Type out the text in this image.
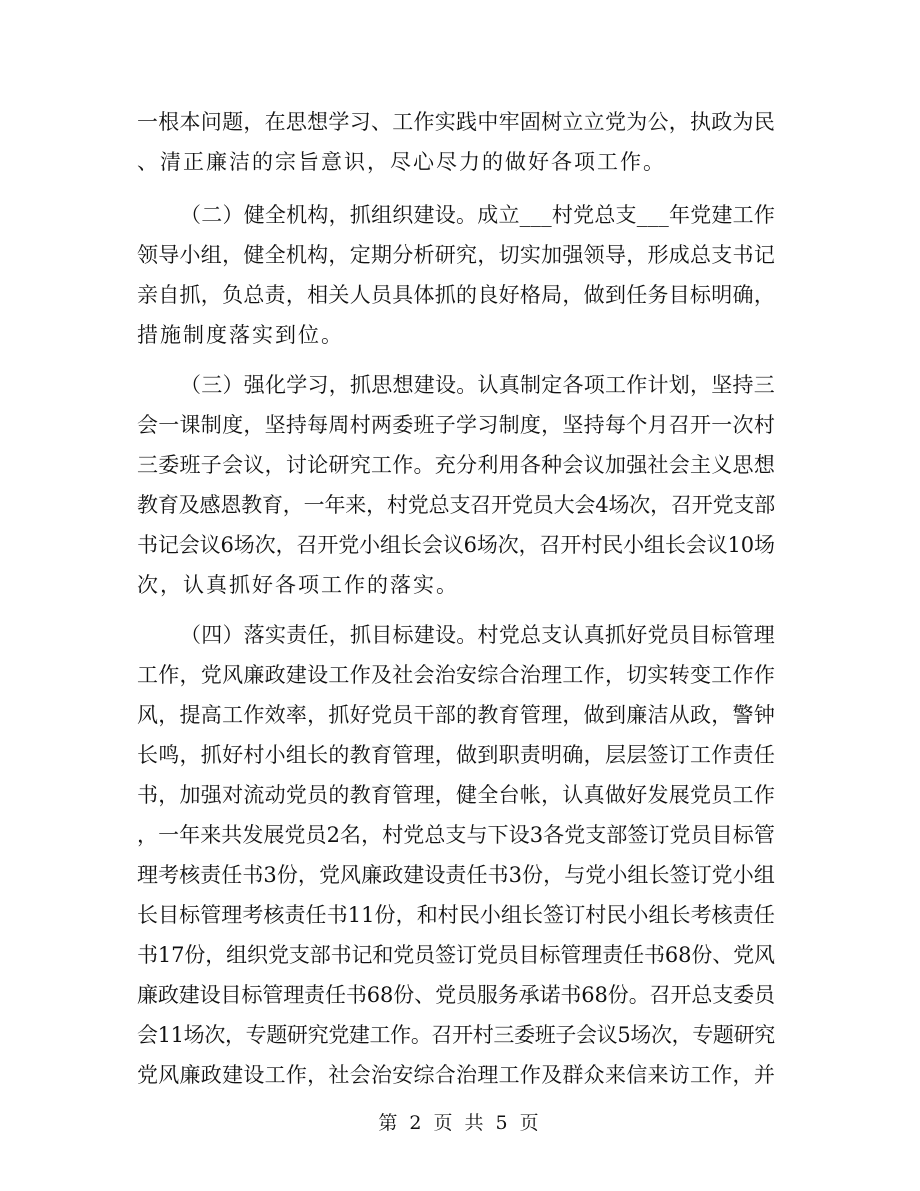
一根本问题，在思想学习、工作实践中牢固树立立党为公，执政为民

、清正廉洁的宗旨意识，尽心尽力的做好各项工作。

（二）健全机构，抓组织建设。成立___村党总支___年党建工作

领导小组，健全机构，定期分析研究，切实加强领导，形成总支书记

亲自抓，负总责，相关人员具体抓的良好格局，做到任务目标明确，

措施制度落实到位。

（三）强化学习，抓思想建设。认真制定各项工作计划，坚持三

会一课制度，坚持每周村两委班子学习制度，坚持每个月召开一次村

三委班子会议，讨论研究工作。充分利用各种会议加强社会主义思想

教育及感恩教育，一年来，村党总支召开党员大会4场次，召开党支部

书记会议6场次，召开党小组长会议6场次，召开村民小组长会议10场

次，认真抓好各项工作的落实。

（四）落实责任，抓目标建设。村党总支认真抓好党员目标管理

工作，党风廉政建设工作及社会治安综合治理工作，切实转变工作作

风，提高工作效率，抓好党员干部的教育管理，做到廉洁从政，警钟

长鸣，抓好村小组长的教育管理，做到职责明确，层层签订工作责任

书，加强对流动党员的教育管理，健全台帐，认真做好发展党员工作

，一年来共发展党员2名，村党总支与下设3各党支部签订党员目标管

理考核责任书3份，党风廉政建设责任书3份，与党小组长签订党小组

长目标管理考核责任书11份，和村民小组长签订村民小组长考核责任

书17份，组织党支部书记和党员签订党员目标管理责任书68份、党风

廉政建设目标管理责任书68份、党员服务承诺书68份。召开总支委员

会11场次，专题研究党建工作。召开村三委班子会议5场次，专题研究

党风廉政建设工作，社会治安综合治理工作及群众来信来访工作，并

第 2 页 共 5 页
